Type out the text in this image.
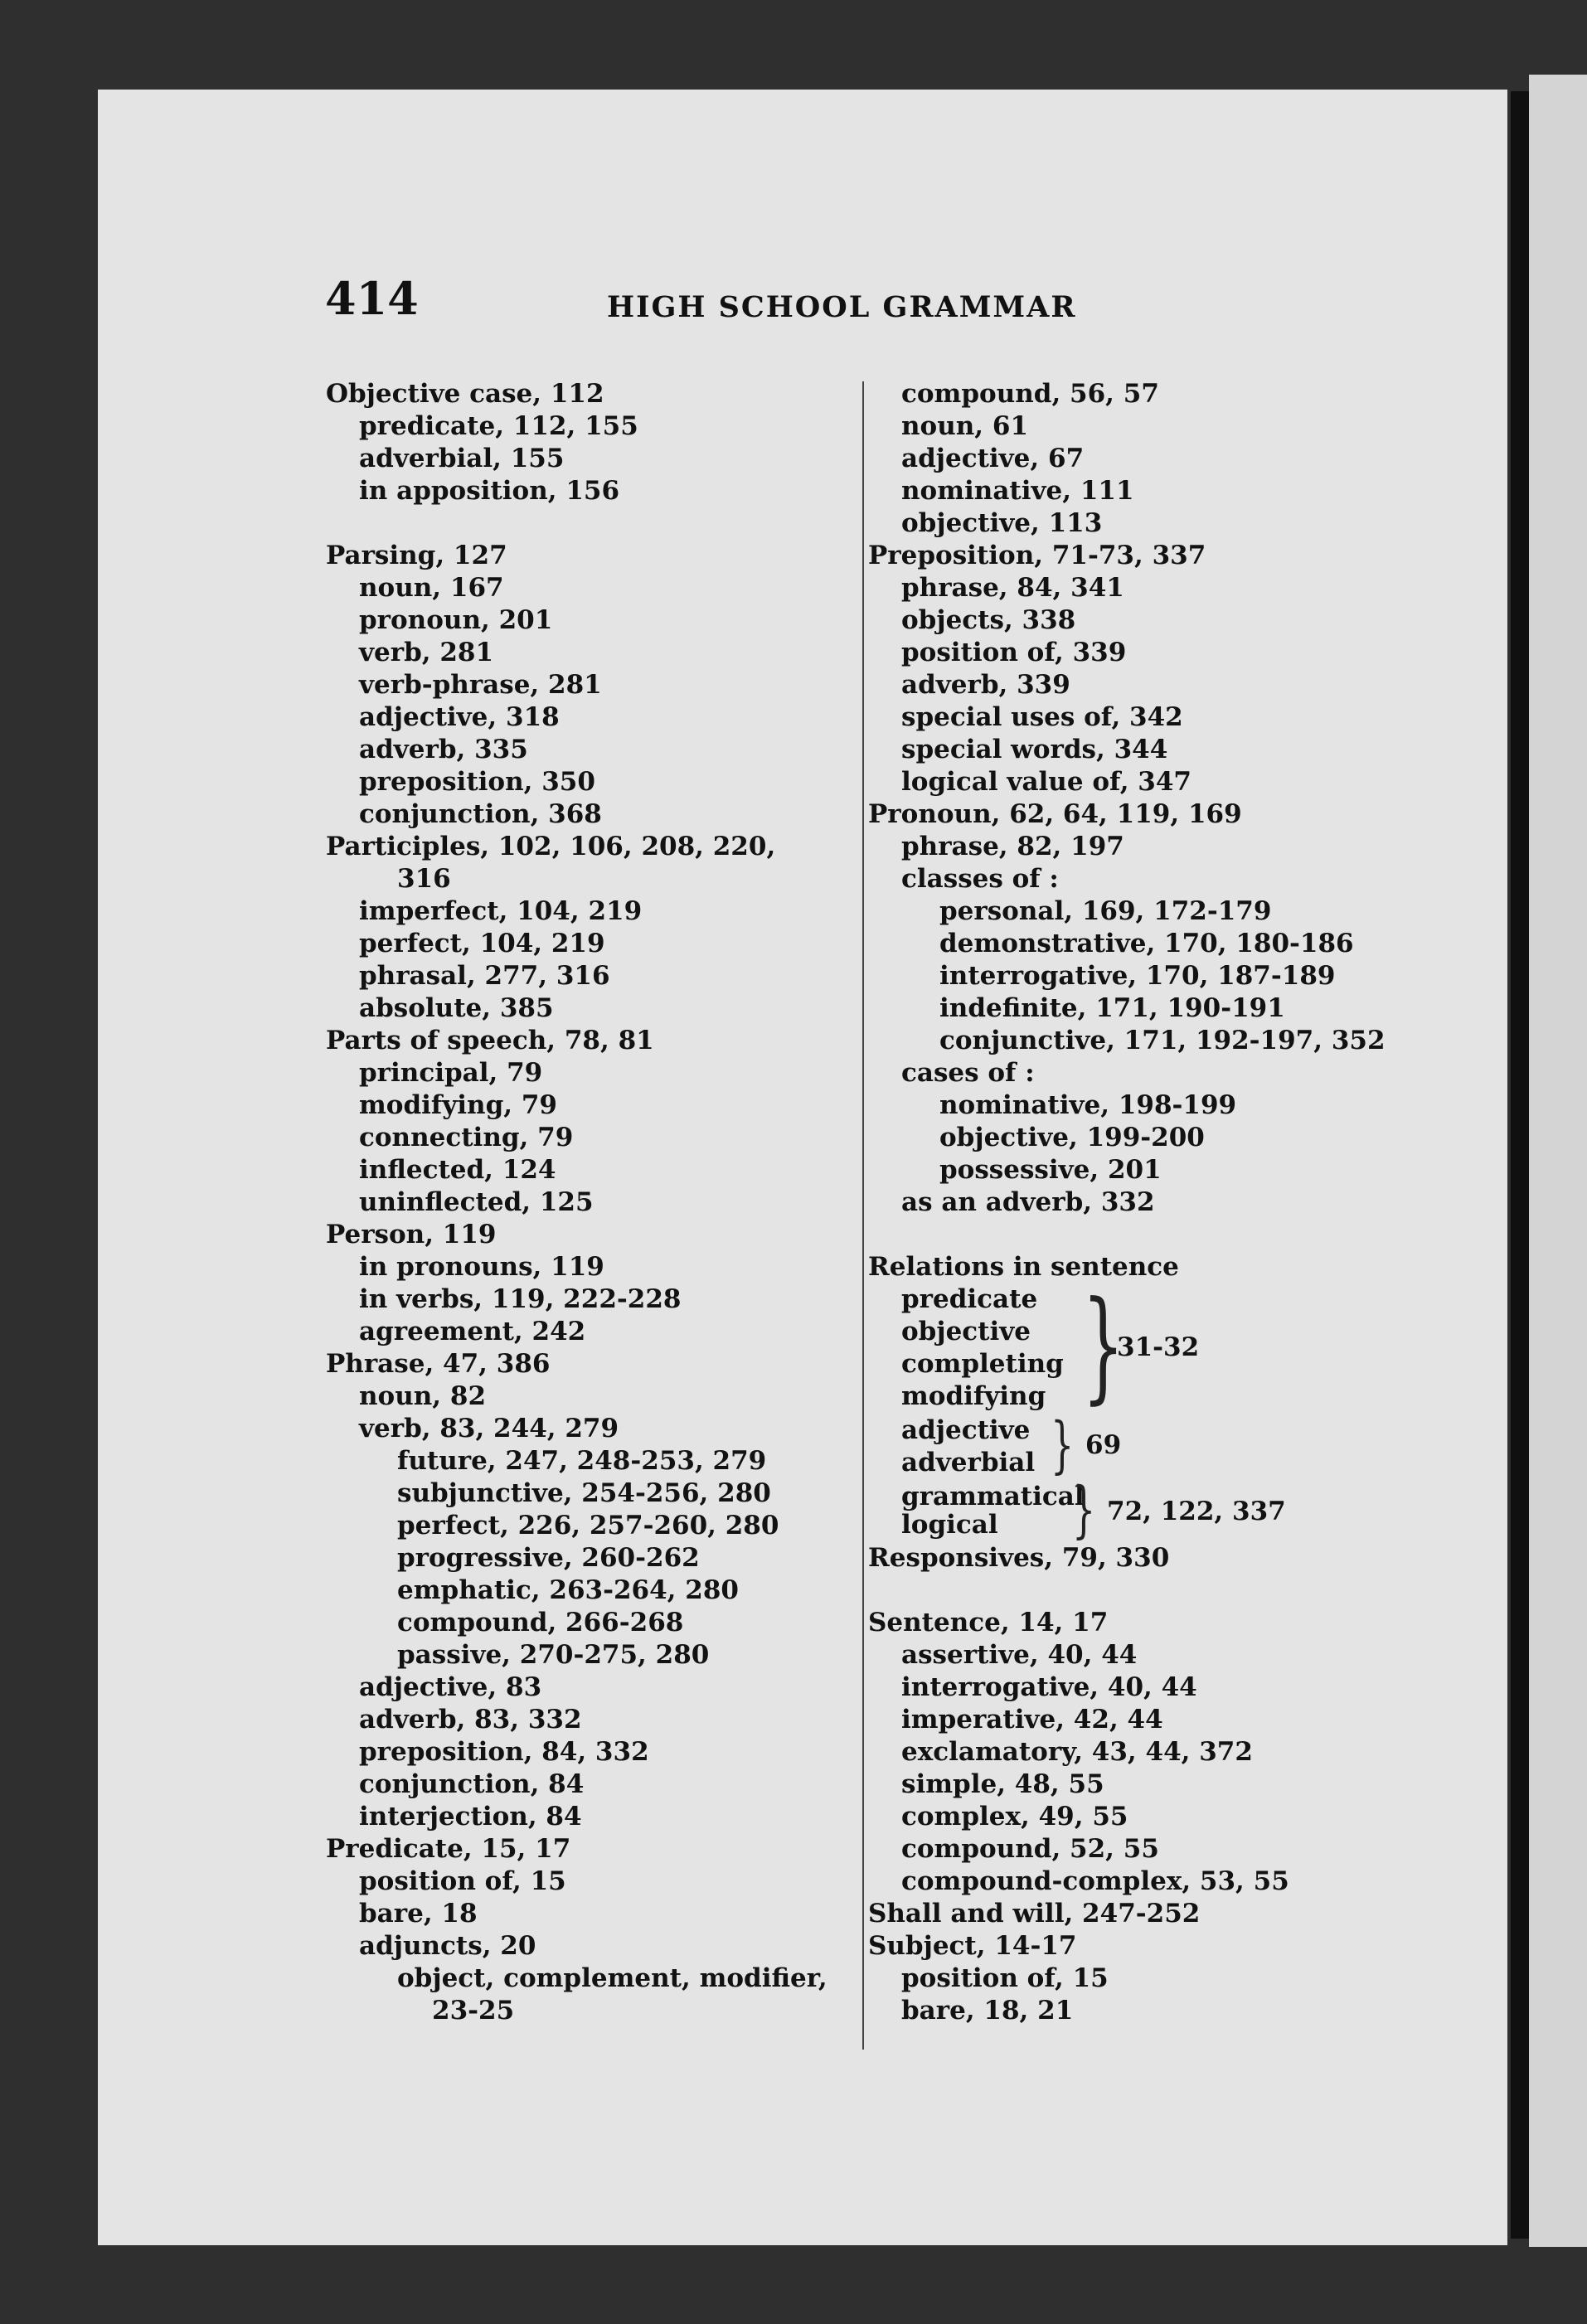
414	HIGH SCHOOL GRAMMAR
Objective case, 112
predicate, 112, 155
adverbial, 155
in apposition, 156
Parsing, 127
noun, 167
pronoun, 201
verb, 281
verb-phrase, 281
adjective, 318
adverb, 335
preposition, 350
conjunction, 368
Participles, 102, 106, 208, 220,
316
imperfect, 104, 219
perfect, 104, 219
phrasal, 277, 316
absolute, 385
Parts of speech, 78, 81
principal, 79
modifying, 79
connecting, 79
inflected, 124
uninflected, 125
Person, 119
in pronouns, 119
in verbs, 119, 222-228
agreement, 242
Phrase, 47, 386
noun, 82
verb, 83, 244, 279
future, 247, 248-253, 279
subjunctive, 254-256, 280
perfect, 226, 257-260, 280
progressive, 260-262
emphatic, 263-264, 280
compound, 266-268
passive, 270-275, 280
adjective, 83
adverb, 83, 332
preposition, 84, 332
conjunction, 84
interjection, 84
Predicate, 15, 17
position of, 15
bare, 18
adjuncts, 20
object, complement, modifier,
23-25
compound, 56, 57
noun, 61
adjective, 67
nominative, 111
objective, 113
Preposition, 71-73, 337
phrase, 84, 341
objects, 338
position of, 339
adverb, 339
special uses of, 342
special words, 344
logical value of, 347
Pronoun, 62, 64, 119, 169
phrase, 82, 197
classes of :
personal, 169, 172-179
demonstrative, 170, 180-186
interrogative, 170, 187-189
indefinite, 171, 190-191
conjunctive, 171, 192-197, 352
cases of :
nominative, 198-199
objective, 199-200
possessive, 201
as an adverb, 332
Relations in sentence
predicate
objective
completing
modifying }
31-32
adjective
adverbial } 69
grammatical
logical } 72, 122, 337
Responsives, 79, 330
Sentence, 14, 17
assertive, 40, 44
interrogative, 40, 44
imperative, 42, 44
exclamatory, 43, 44, 372
simple, 48, 55
complex, 49, 55
compound, 52, 55
compound-complex, 53, 55
Shall and will, 247-252
Subject, 14-17
position of, 15
bare, 18, 21
